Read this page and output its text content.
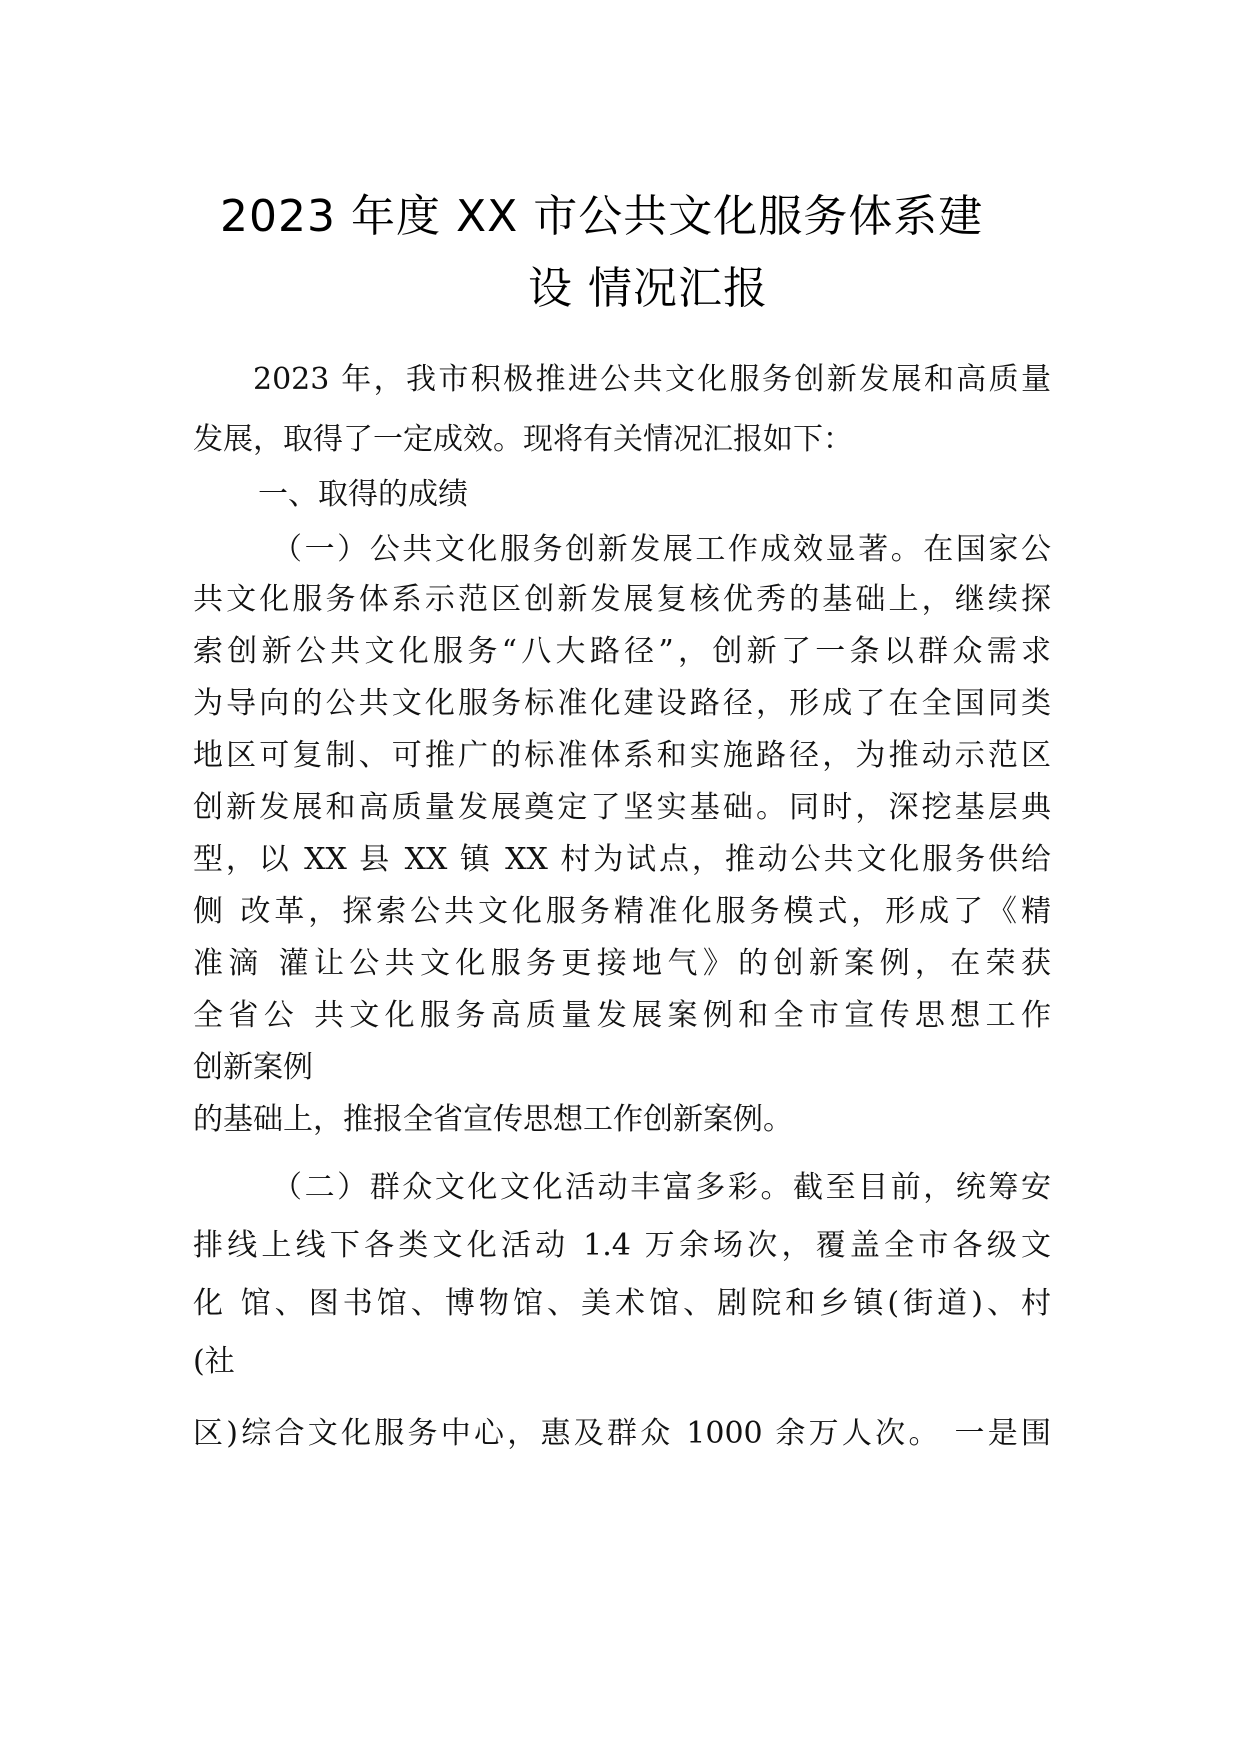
2023 年度 XX 市公共文化服务体系建
设 情况汇报
2023 年，我市积极推进公共文化服务创新发展和高质量
发展，取得了一定成效。现将有关情况汇报如下：
一、取得的成绩
（一）公共文化服务创新发展工作成效显著。在国家公
共文化服务体系示范区创新发展复核优秀的基础上，继续探
索创新公共文化服务“八大路径”，创新了一条以群众需求
为导向的公共文化服务标准化建设路径，形成了在全国同类
地区可复制、可推广的标准体系和实施路径，为推动示范区
创新发展和高质量发展奠定了坚实基础。同时，深挖基层典
型，以 XX 县 XX 镇 XX 村为试点，推动公共文化服务供给
侧 改革，探索公共文化服务精准化服务模式，形成了《精
准滴 灌让公共文化服务更接地气》的创新案例，在荣获
全省公 共文化服务高质量发展案例和全市宣传思想工作
创新案例
的基础上，推报全省宣传思想工作创新案例。
（二）群众文化文化活动丰富多彩。截至目前，统筹安
排线上线下各类文化活动 1.4 万余场次，覆盖全市各级文
化 馆、图书馆、博物馆、美术馆、剧院和乡镇(街道)、村
(社
区)综合文化服务中心，惠及群众 1000 余万人次。 一是围
